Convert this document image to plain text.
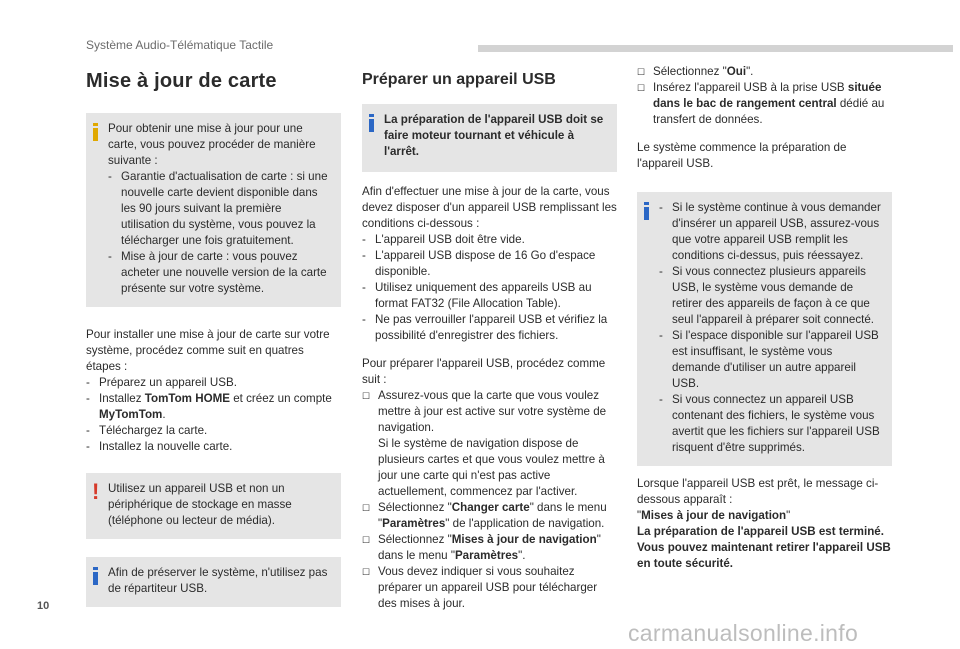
Système Audio-Télématique Tactile
Mise à jour de carte

Pour obtenir une mise à jour pour une carte, vous pouvez procéder de manière suivante :

- Garantie d'actualisation de carte : si une nouvelle carte devient disponible dans les 90 jours suivant la première utilisation du système, vous pouvez la télécharger une fois gratuitement.

- Mise à jour de carte : vous pouvez acheter une nouvelle version de la carte présente sur votre système.

Pour installer une mise à jour de carte sur votre système, procédez comme suit en quatres étapes :

- Préparez un appareil USB.

- Installez TomTom HOME et créez un compte MyTomTom.

- Téléchargez la carte.

- Installez la nouvelle carte.

! Utilisez un appareil USB et non un périphérique de stockage en masse (téléphone ou lecteur de média).

Afin de préserver le système, n'utilisez pas de répartiteur USB.

Préparer un appareil USB

La préparation de l'appareil USB doit se faire moteur tournant et véhicule à l'arrêt.

Afin d'effectuer une mise à jour de la carte, vous devez disposer d'un appareil USB remplissant les conditions ci-dessous :

- L'appareil USB doit être vide.

- L'appareil USB dispose de 16 Go d'espace disponible.

- Utilisez uniquement des appareils USB au format FAT32 (File Allocation Table).

- Ne pas verrouiller l'appareil USB et vérifiez la possibilité d'enregistrer des fichiers.

Pour préparer l'appareil USB, procédez comme suit :

☐ Assurez-vous que la carte que vous voulez mettre à jour est active sur votre système de navigation.

Si le système de navigation dispose de plusieurs cartes et que vous voulez mettre à jour une carte qui n'est pas active actuellement, commencez par l'activer.

☐ Sélectionnez "Changer carte" dans le menu "Paramètres" de l'application de navigation.

☐ Sélectionnez "Mises à jour de navigation" dans le menu "Paramètres".

☐ Vous devez indiquer si vous souhaitez préparer un appareil USB pour télécharger des mises à jour.

☐ Sélectionnez "Oui".

☐ Insérez l'appareil USB à la prise USB située dans le bac de rangement central dédié au transfert de données.

Le système commence la préparation de l'appareil USB.

- Si le système continue à vous demander d'insérer un appareil USB, assurez-vous que votre appareil USB remplit les conditions ci-dessus, puis réessayez.

- Si vous connectez plusieurs appareils USB, le système vous demande de retirer des appareils de façon à ce que seul l'appareil à préparer soit connecté.

- Si l'espace disponible sur l'appareil USB est insuffisant, le système vous demande d'utiliser un autre appareil USB.

- Si vous connectez un appareil USB contenant des fichiers, le système vous avertit que les fichiers sur l'appareil USB risquent d'être supprimés.

Lorsque l'appareil USB est prêt, le message ci-dessous apparaît :

"Mises à jour de navigation"

La préparation de l'appareil USB est terminé.

Vous pouvez maintenant retirer l'appareil USB en toute sécurité.

10
carmanualsonline.info
